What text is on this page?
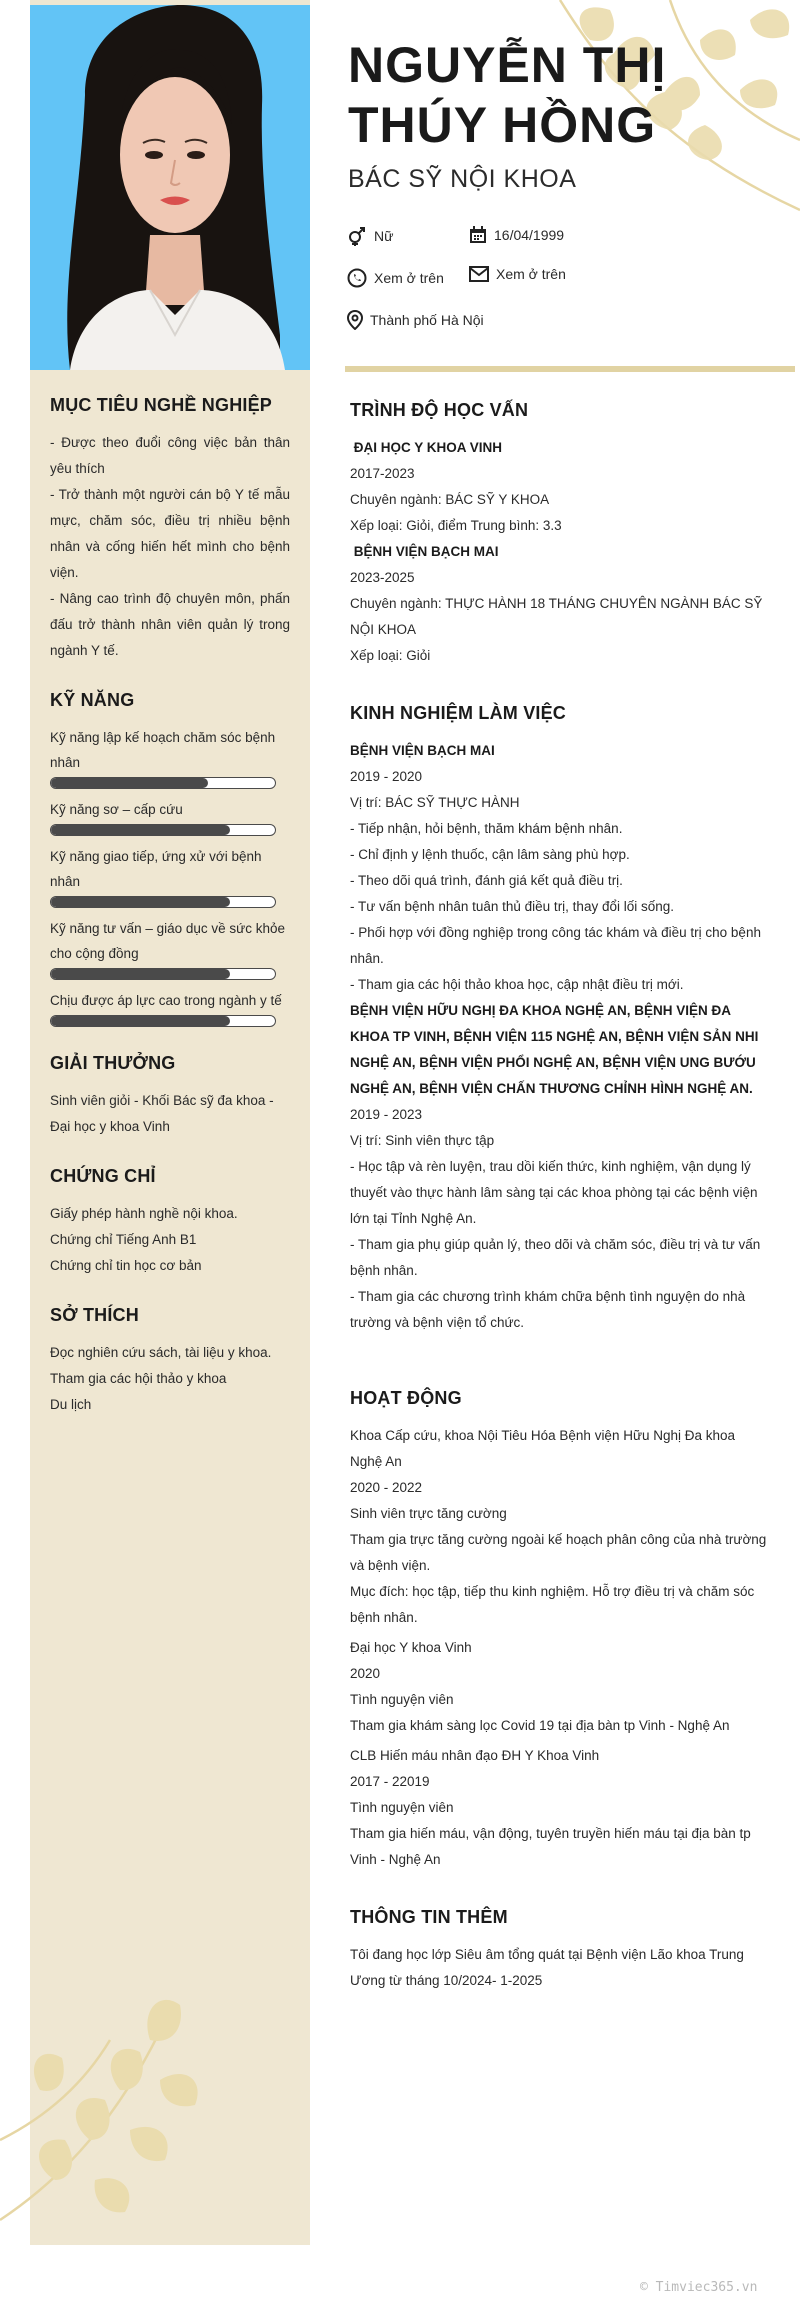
MỤC TIÊU NGHỀ NGHIỆP
- Được theo đuổi công việc bản thân yêu thích
- Trở thành một người cán bộ Y tế mẫu mực, chăm sóc, điều trị nhiều bệnh nhân và cống hiến hết mình cho bệnh viện.
- Nâng cao trình độ chuyên môn, phấn đấu trở thành nhân viên quản lý trong ngành Y tế.
KỸ NĂNG
Kỹ năng lập kế hoạch chăm sóc bệnh nhân
Kỹ năng sơ – cấp cứu
Kỹ năng giao tiếp, ứng xử với bệnh nhân
Kỹ năng tư vấn – giáo dục về sức khỏe cho cộng đồng
Chịu được áp lực cao trong ngành y tế
GIẢI THƯỞNG
Sinh viên giỏi - Khối Bác sỹ đa khoa - Đại học y khoa Vinh
CHỨNG CHỈ
Giấy phép hành nghề nội khoa.
Chứng chỉ Tiếng Anh B1
Chứng chỉ tin học cơ bản
SỞ THÍCH
Đọc nghiên cứu sách, tài liệu y khoa.
Tham gia các hội thảo y khoa
Du lịch
NGUYỄN THỊ
THÚY HỒNG
BÁC SỸ NỘI KHOA
Nữ	16/04/1999
Xem ở trên	Xem ở trên
Thành phố Hà Nội
TRÌNH ĐỘ HỌC VẤN
ĐẠI HỌC Y KHOA VINH
2017-2023
Chuyên ngành: BÁC SỸ Y KHOA
Xếp loại: Giỏi, điểm Trung bình: 3.3
BỆNH VIỆN BẠCH MAI
2023-2025
Chuyên ngành: THỰC HÀNH 18 THÁNG CHUYÊN NGÀNH BÁC SỸ NỘI KHOA
Xếp loại: Giỏi
KINH NGHIỆM LÀM VIỆC
BỆNH VIỆN BẠCH MAI
2019 - 2020
Vị trí: BÁC SỸ THỰC HÀNH
- Tiếp nhận, hỏi bệnh, thăm khám bệnh nhân.
- Chỉ định y lệnh thuốc, cận lâm sàng phù hợp.
- Theo dõi quá trình, đánh giá kết quả điều trị.
- Tư vấn bệnh nhân tuân thủ điều trị, thay đổi lối sống.
- Phối hợp với đồng nghiệp trong công tác khám và điều trị cho bệnh nhân.
- Tham gia các hội thảo khoa học, cập nhật điều trị mới.
BỆNH VIỆN HỮU NGHỊ ĐA KHOA NGHỆ AN, BỆNH VIỆN ĐA KHOA TP VINH, BỆNH VIỆN 115 NGHỆ AN, BỆNH VIỆN SẢN NHI NGHỆ AN, BỆNH VIỆN PHỔI NGHỆ AN, BỆNH VIỆN UNG BƯỚU NGHỆ AN, BỆNH VIỆN CHẤN THƯƠNG CHỈNH HÌNH NGHỆ AN.
2019 - 2023
Vị trí: Sinh viên thực tập
- Học tập và rèn luyện, trau dồi kiến thức, kinh nghiệm, vận dụng lý thuyết vào thực hành lâm sàng tại các khoa phòng tại các bệnh viện lớn tại Tỉnh Nghệ An.
- Tham gia phụ giúp quản lý, theo dõi và chăm sóc, điều trị và tư vấn bệnh nhân.
- Tham gia các chương trình khám chữa bệnh tình nguyện do nhà trường và bệnh viện tổ chức.
HOẠT ĐỘNG
Khoa Cấp cứu, khoa Nội Tiêu Hóa Bệnh viện Hữu Nghị Đa khoa Nghệ An
2020 - 2022
Sinh viên trực tăng cường
Tham gia trực tăng cường ngoài kế hoạch phân công của nhà trường và bệnh viện.
Mục đích: học tập, tiếp thu kinh nghiệm. Hỗ trợ điều trị và chăm sóc bệnh nhân.
Đại học Y khoa Vinh
2020
Tình nguyện viên
Tham gia khám sàng lọc Covid 19 tại địa bàn tp Vinh - Nghệ An
CLB Hiến máu nhân đạo ĐH Y Khoa Vinh
2017 - 22019
Tình nguyện viên
Tham gia hiến máu, vận động, tuyên truyền hiến máu tại địa bàn tp Vinh - Nghệ An
THÔNG TIN THÊM
Tôi đang học lớp Siêu âm tổng quát tại Bệnh viện Lão khoa Trung Ương từ tháng 10/2024- 1-2025
© Timviec365.vn
